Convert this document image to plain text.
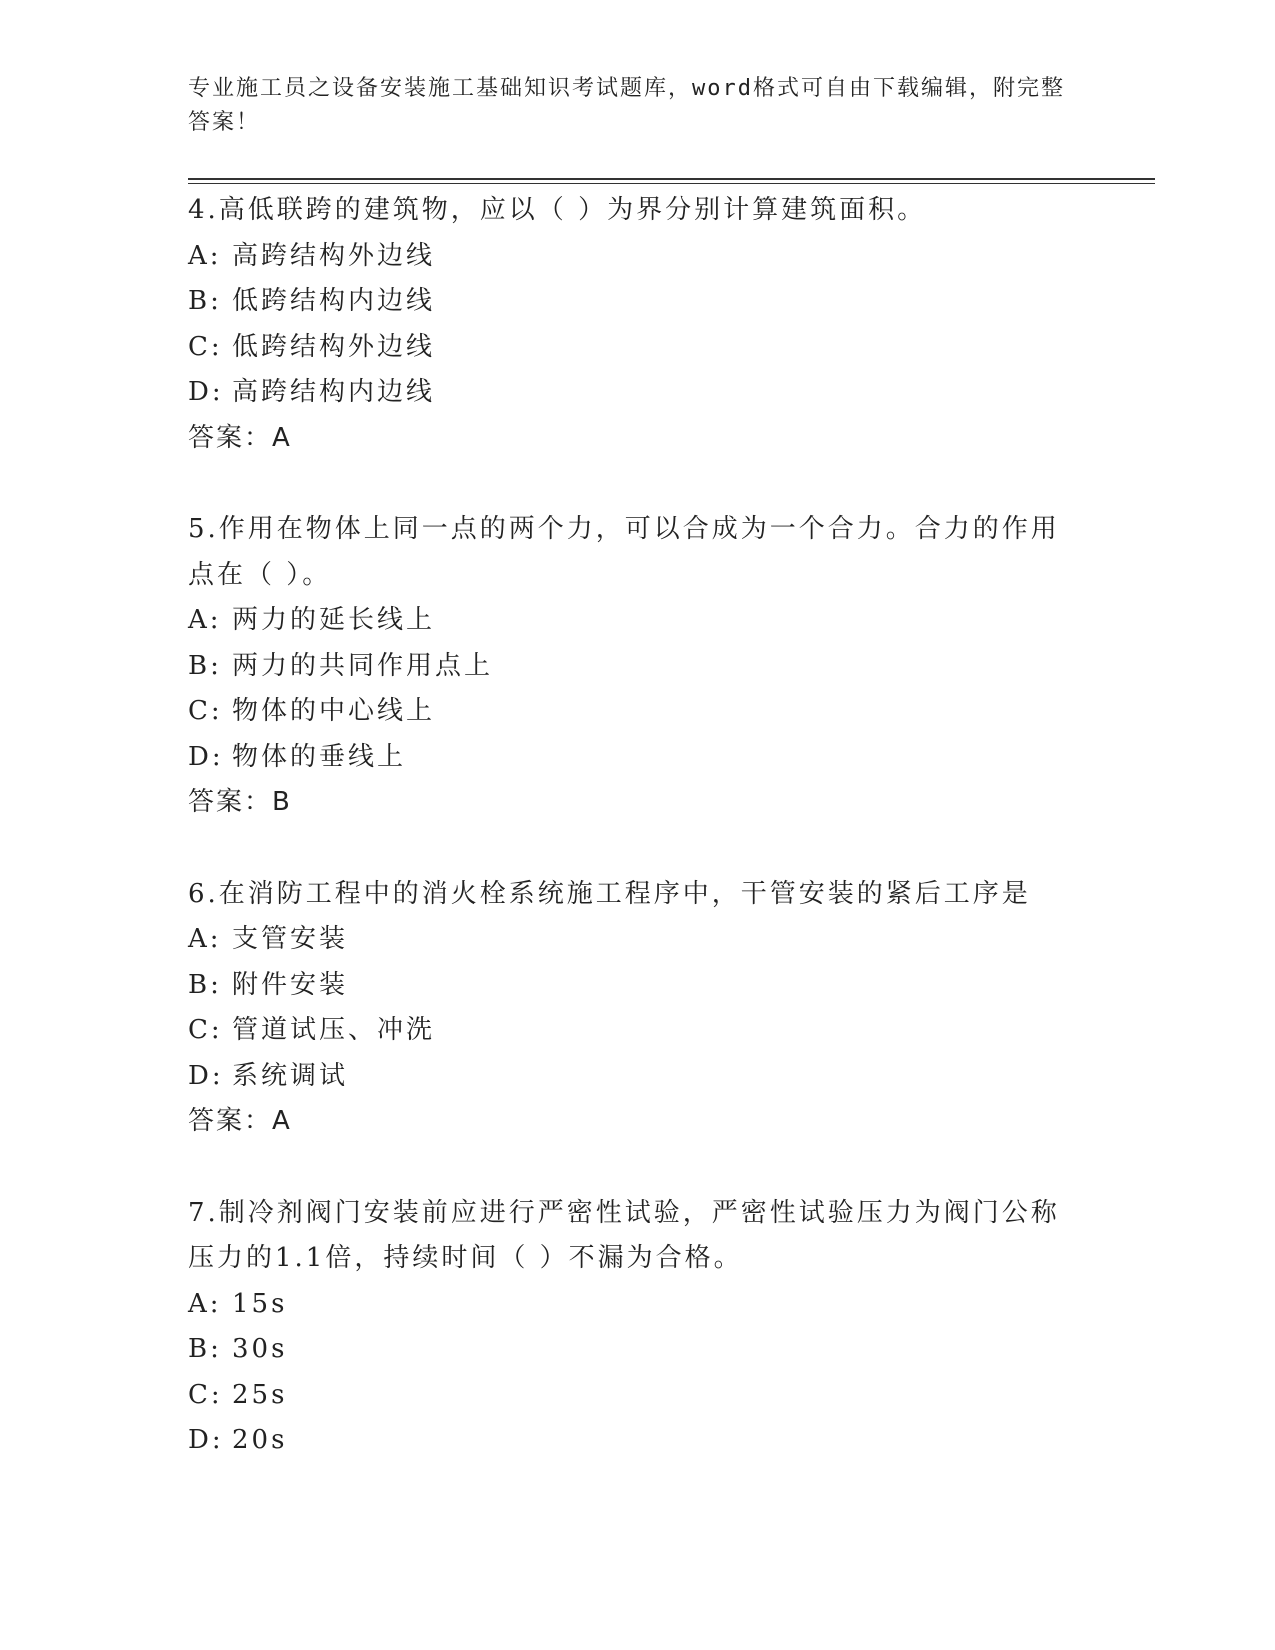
专业施工员之设备安装施工基础知识考试题库，word格式可自由下载编辑，附完整答案！

4.高低联跨的建筑物，应以（ ）为界分别计算建筑面积。

A: 高跨结构外边线
B: 低跨结构内边线
C: 低跨结构外边线
D: 高跨结构内边线
答案：A

5.作用在物体上同一点的两个力，可以合成为一个合力。合力的作用点在（ ）。

A: 两力的延长线上
B: 两力的共同作用点上
C: 物体的中心线上
D: 物体的垂线上
答案：B

6.在消防工程中的消火栓系统施工程序中，干管安装的紧后工序是

A: 支管安装
B: 附件安装
C: 管道试压、冲洗
D: 系统调试
答案：A

7.制冷剂阀门安装前应进行严密性试验，严密性试验压力为阀门公称压力的1.1倍，持续时间（ ）不漏为合格。

A: 15s
B: 30s
C: 25s
D: 20s
